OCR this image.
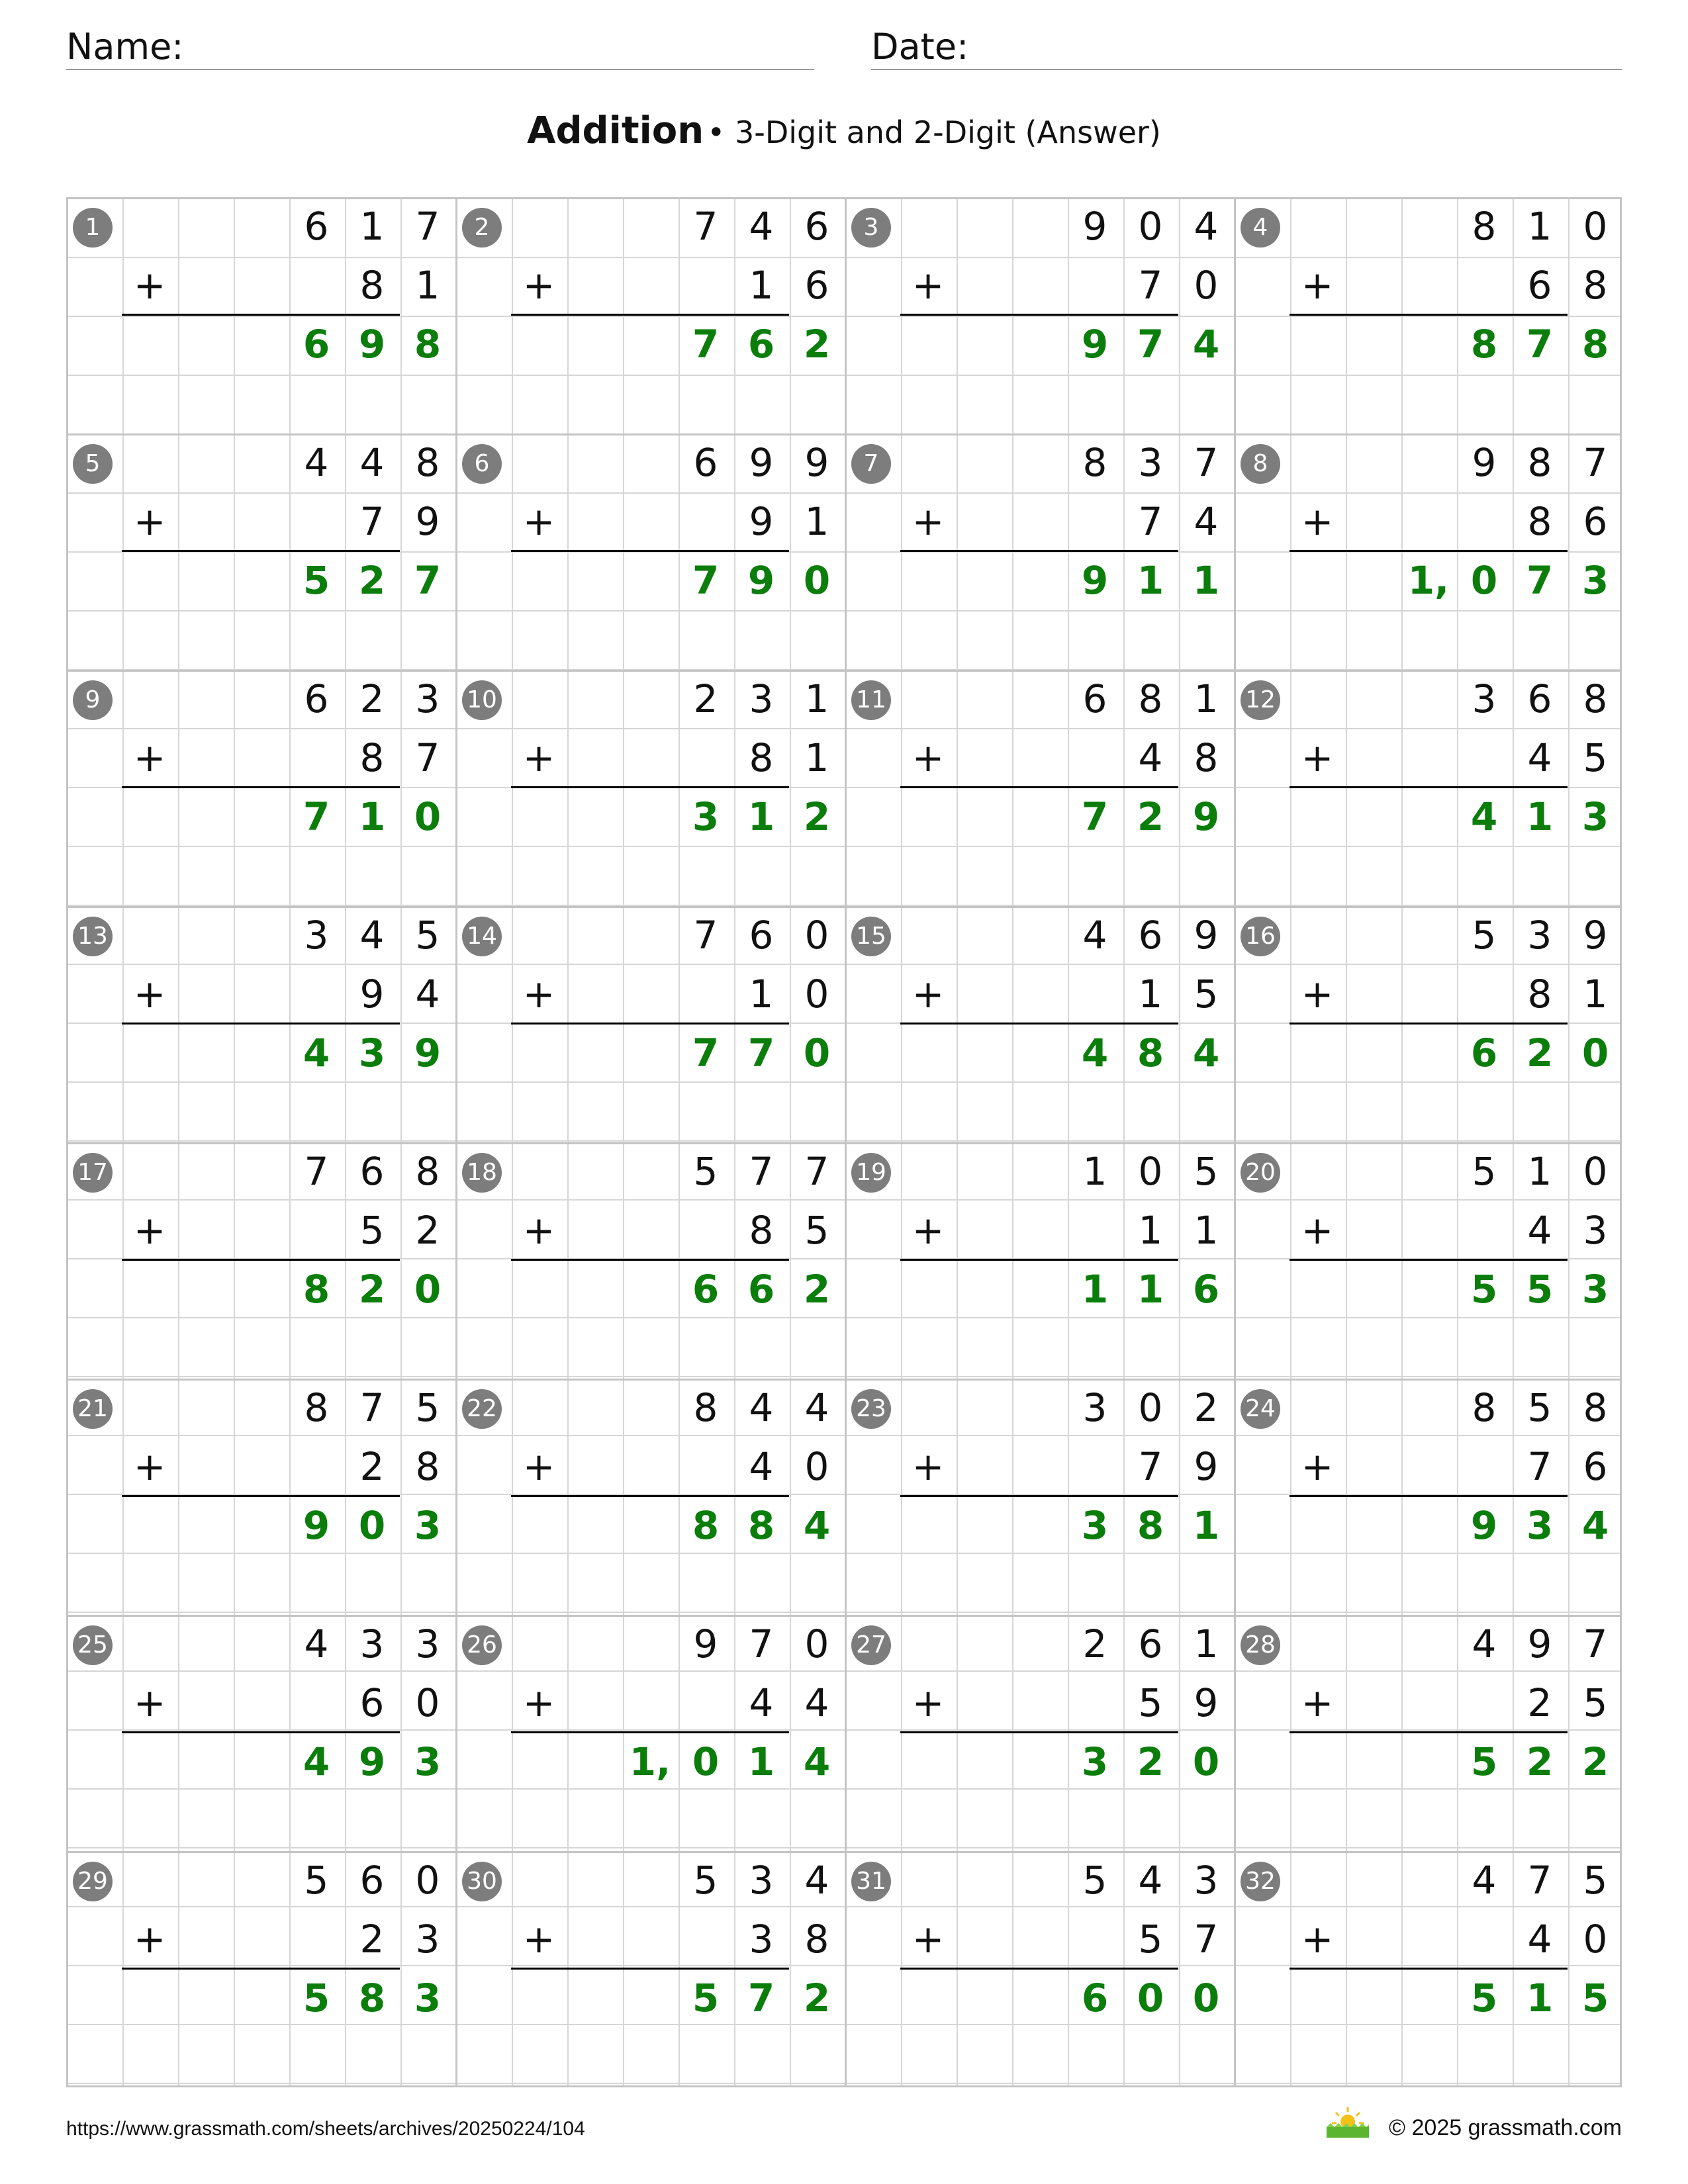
Name:	Date:
Addition • 3-Digit and 2-Digit (Answer)
1	6 1 7
+	8 1
6 9 8
2	7 4 6
+	1 6
7 6 2
3	9 0 4
+	7 0
9 7 4
4	8 1 0
+	6 8
8 7 8
5	4 4 8
+	7 9
5 2 7
6	6 9 9
+	9 1
7 9 0
7	8 3 7
+	7 4
9 1 1
8	9 8 7
+	8 6
1, 0 7 3
9	6 2 3
+	8 7
7 1 0
10	2 3 1
+	8 1
3 1 2
11	6 8 1
+	4 8
7 2 9
12	3 6 8
+	4 5
4 1 3
13	3 4 5
+	9 4
4 3 9
14	7 6 0
+	1 0
7 7 0
15	4 6 9
+	1 5
4 8 4
16	5 3 9
+	8 1
6 2 0
17	7 6 8
+	5 2
8 2 0
18	5 7 7
+	8 5
6 6 2
19	1 0 5
+	1 1
1 1 6
20	5 1 0
+	4 3
5 5 3
21	8 7 5
+	2 8
9 0 3
22	8 4 4
+	4 0
8 8 4
23	3 0 2
+	7 9
3 8 1
24	8 5 8
+	7 6
9 3 4
25	4 3 3
+	6 0
4 9 3
26	9 7 0
+	4 4
1, 0 1 4
27	2 6 1
+	5 9
3 2 0
28	4 9 7
+	2 5
5 2 2
29	5 6 0
+	2 3
5 8 3
30	5 3 4
+	3 8
5 7 2
31	5 4 3
+	5 7
6 0 0
32	4 7 5
+	4 0
5 1 5
https://www.grassmath.com/sheets/archives/20250224/104	© 2025 grassmath.com
